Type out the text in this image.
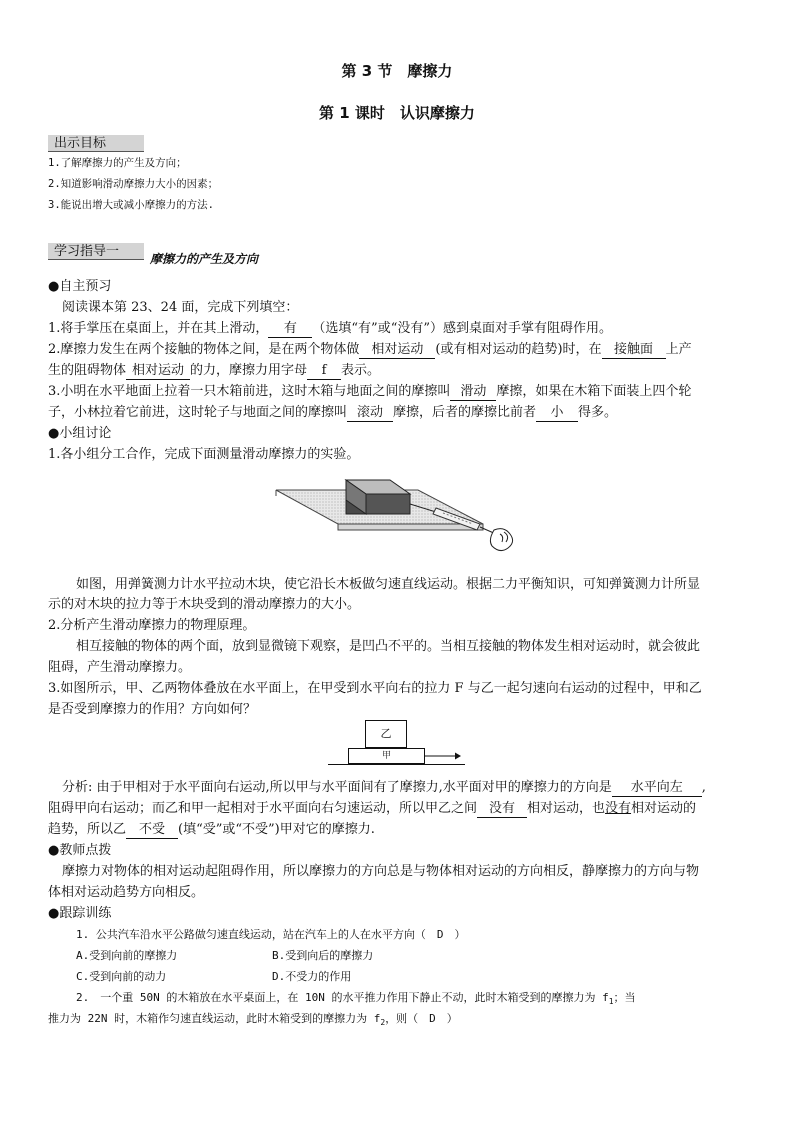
第 3 节　摩擦力
第 1 课时　认识摩擦力
出示目标
1.了解摩擦力的产生及方向；
2.知道影响滑动摩擦力大小的因素；
3.能说出增大或减小摩擦力的方法.
学习指导一	摩擦力的产生及方向
●自主预习
阅读课本第 23、24 面，完成下列填空：
1.将手掌压在桌面上，并在其上滑动， 有 （选填“有”或“没有”）感到桌面对手掌有阻碍作用。
2.摩擦力发生在两个接触的物体之间，是在两个物体做 相对运动 (或有相对运动的趋势)时，在 接触面 上产
生的阻碍物体 相对运动 的力，摩擦力用字母 f 表示。
3.小明在水平地面上拉着一只木箱前进，这时木箱与地面之间的摩擦叫 滑动 摩擦，如果在木箱下面装上四个轮
子，小林拉着它前进，这时轮子与地面之间的摩擦叫 滚动 摩擦，后者的摩擦比前者 小 得多。
●小组讨论
1.各小组分工合作，完成下面测量滑动摩擦力的实验。
如图，用弹簧测力计水平拉动木块，使它沿长木板做匀速直线运动。根据二力平衡知识，可知弹簧测力计所显
示的对木块的拉力等于木块受到的滑动摩擦力的大小。
2.分析产生滑动摩擦力的物理原理。
相互接触的物体的两个面，放到显微镜下观察，是凹凸不平的。当相互接触的物体发生相对运动时，就会彼此
阻碍，产生滑动摩擦力。
3.如图所示，甲、乙两物体叠放在水平面上，在甲受到水平向右的拉力 F 与乙一起匀速向右运动的过程中，甲和乙
是否受到摩擦力的作用？方向如何？
乙
甲
分析: 由于甲相对于水平面向右运动,所以甲与水平面间有了摩擦力,水平面对甲的摩擦力的方向是 水平向左 ,
阻碍甲向右运动；而乙和甲一起相对于水平面向右匀速运动，所以甲乙之间 没有 相对运动，也没有相对运动的
趋势，所以乙 不受 (填“受”或“不受”)甲对它的摩擦力.
●教师点拨
摩擦力对物体的相对运动起阻碍作用，所以摩擦力的方向总是与物体相对运动的方向相反，静摩擦力的方向与物
体相对运动趋势方向相反。
●跟踪训练
1. 公共汽车沿水平公路做匀速直线运动，站在汽车上的人在水平方向（　D　）
A.受到向前的摩擦力	B.受到向后的摩擦力
C.受到向前的动力	D.不受力的作用
2.　一个重 50N 的木箱放在水平桌面上，在 10N 的水平推力作用下静止不动，此时木箱受到的摩擦力为 $f_1$；当
推力为 22N 时，木箱作匀速直线运动，此时木箱受到的摩擦力为 $f_2$，则（　D　）
